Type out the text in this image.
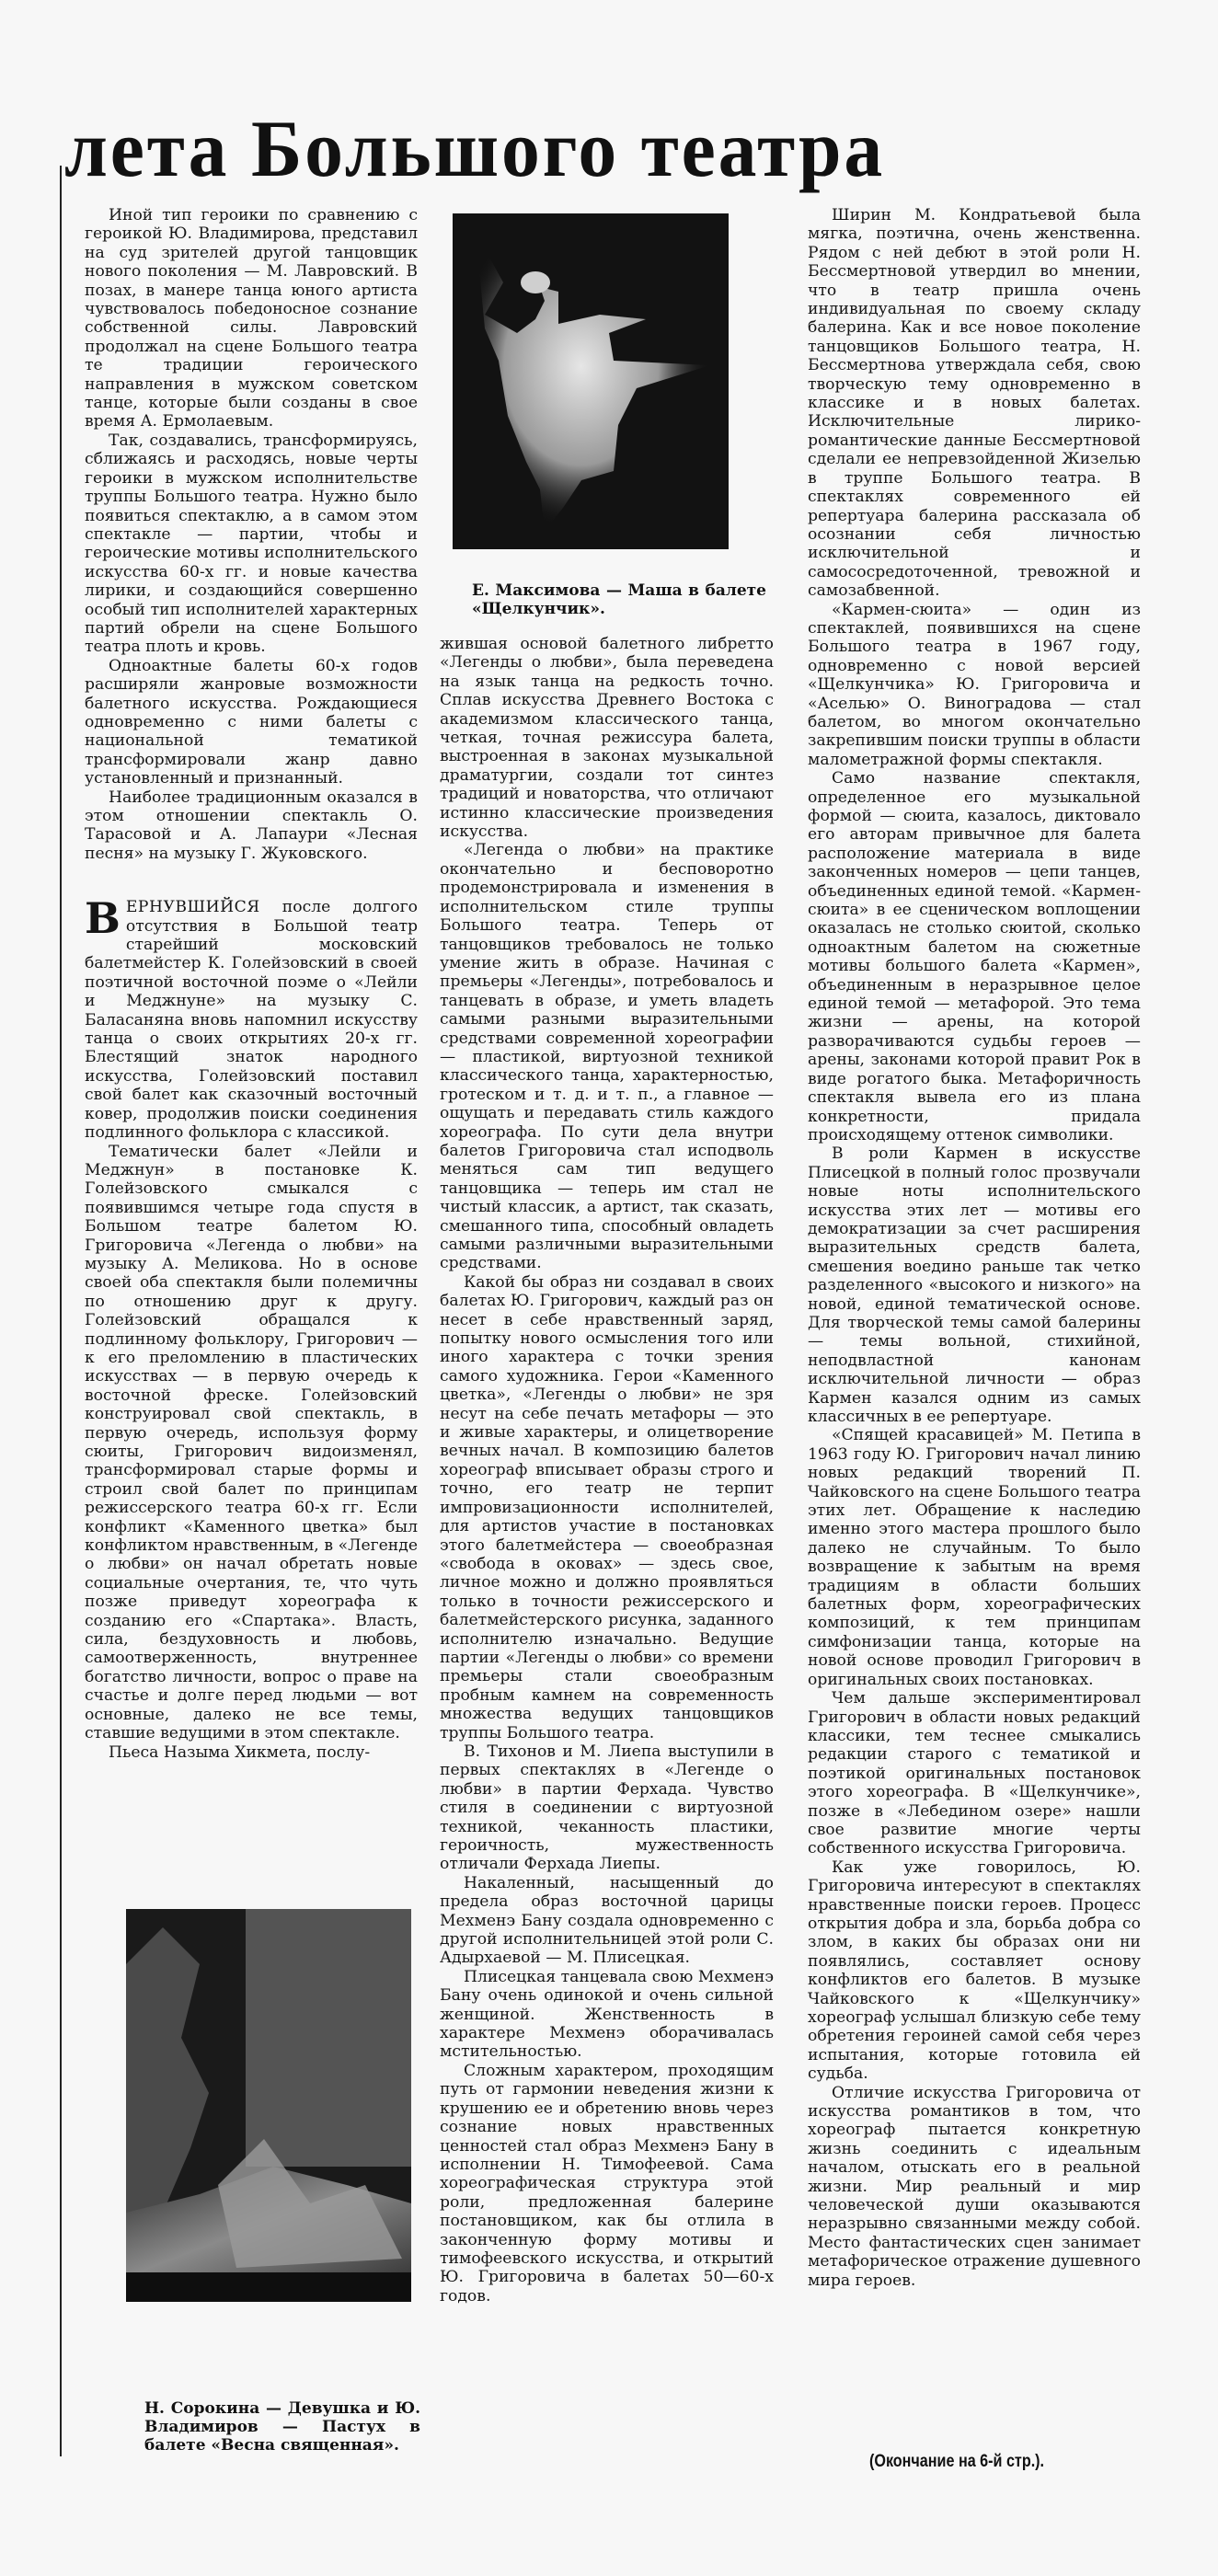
лета Большого театра

Иной тип героики по сравнению с героикой Ю. Владимирова, представил на суд зрителей другой танцовщик нового поколения — М. Лавровский. В позах, в манере танца юного артиста чувствовалось победоносное сознание собственной силы. Лавровский продолжал на сцене Большого театра те традиции героического направления в мужском советском танце, которые были созданы в свое время А. Ермолаевым.

Так, создавались, трансформируясь, сближаясь и расходясь, новые черты героики в мужском исполнительстве труппы Большого театра. Нужно было появиться спектаклю, а в самом этом спектакле — партии, чтобы и героические мотивы исполнительского искусства 60-х гг. и новые качества лирики, и создающийся совершенно особый тип исполнителей характерных партий обрели на сцене Большого театра плоть и кровь.

Одноактные балеты 60-х годов расширяли жанровые возможности балетного искусства. Рождающиеся одновременно с ними балеты с национальной тематикой трансформировали жанр давно установленный и признанный.

Наиболее традиционным оказался в этом отношении спектакль О. Тарасовой и А. Лапаури «Лесная песня» на музыку Г. Жуковского.

ВЕРНУВШИЙСЯ после долгого отсутствия в Большой театр старейший московский балетмейстер К. Голейзовский в своей поэтичной восточной поэме о «Лейли и Меджнуне» на музыку С. Баласаняна вновь напомнил искусству танца о своих открытиях 20-х гг. Блестящий знаток народного искусства, Голейзовский поставил свой балет как сказочный восточный ковер, продолжив поиски соединения подлинного фольклора с классикой.

Тематически балет «Лейли и Меджнун» в постановке К. Голейзовского смыкался с появившимся четыре года спустя в Большом театре балетом Ю. Григоровича «Легенда о любви» на музыку А. Меликова. Но в основе своей оба спектакля были полемичны по отношению друг к другу. Голейзовский обращался к подлинному фольклору, Григорович — к его преломлению в пластических искусствах — в первую очередь к восточной фреске. Голейзовский конструировал свой спектакль, в первую очередь, используя форму сюиты, Григорович видоизменял, трансформировал старые формы и строил свой балет по принципам режиссерского театра 60-х гг. Если конфликт «Каменного цветка» был конфликтом нравственным, в «Легенде о любви» он начал обретать новые социальные очертания, те, что чуть позже приведут хореографа к созданию его «Спартака». Власть, сила, бездуховность и любовь, самоотверженность, внутреннее богатство личности, вопрос о праве на счастье и долге перед людьми — вот основные, далеко не все темы, ставшие ведущими в этом спектакле.

Пьеса Назыма Хикмета, послу-

Е. Максимова — Маша в балете «Щелкунчик».

жившая основой балетного либретто «Легенды о любви», была переведена на язык танца на редкость точно. Сплав искусства Древнего Востока с академизмом классического танца, четкая, точная режиссура балета, выстроенная в законах музыкальной драматургии, создали тот синтез традиций и новаторства, что отличают истинно классические произведения искусства.

«Легенда о любви» на практике окончательно и бесповоротно продемонстрировала и изменения в исполнительском стиле труппы Большого театра. Теперь от танцовщиков требовалось не только умение жить в образе. Начиная с премьеры «Легенды», потребовалось и танцевать в образе, и уметь владеть самыми разными выразительными средствами современной хореографии — пластикой, виртуозной техникой классического танца, характерностью, гротеском и т. д. и т. п., а главное — ощущать и передавать стиль каждого хореографа. По сути дела внутри балетов Григоровича стал исподволь меняться сам тип ведущего танцовщика — теперь им стал не чистый классик, а артист, так сказать, смешанного типа, способный овладеть самыми различными выразительными средствами.

Какой бы образ ни создавал в своих балетах Ю. Григорович, каждый раз он несет в себе нравственный заряд, попытку нового осмысления того или иного характера с точки зрения самого художника. Герои «Каменного цветка», «Легенды о любви» не зря несут на себе печать метафоры — это и живые характеры, и олицетворение вечных начал. В композицию балетов хореограф вписывает образы строго и точно, его театр не терпит импровизационности исполнителей, для артистов участие в постановках этого балетмейстера — своеобразная «свобода в оковах» — здесь свое, личное можно и должно проявляться только в точности режиссерского и балетмейстерского рисунка, заданного исполнителю изначально. Ведущие партии «Легенды о любви» со времени премьеры стали своеобразным пробным камнем на современность множества ведущих танцовщиков труппы Большого театра.

В. Тихонов и М. Лиепа выступили в первых спектаклях в «Легенде о любви» в партии Ферхада. Чувство стиля в соединении с виртуозной техникой, чеканность пластики, героичность, мужественность отличали Ферхада Лиепы.

Накаленный, насыщенный до предела образ восточной царицы Мехменэ Бану создала одновременно с другой исполнительницей этой роли С. Адырхаевой — М. Плисецкая.

Плисецкая танцевала свою Мехменэ Бану очень одинокой и очень сильной женщиной. Женственность в характере Мехменэ оборачивалась мстительностью.

Сложным характером, проходящим путь от гармонии неведения жизни к крушению ее и обретению вновь через сознание новых нравственных ценностей стал образ Мехменэ Бану в исполнении Н. Тимофеевой. Сама хореографическая структура этой роли, предложенная балерине постановщиком, как бы отлила в законченную форму мотивы и тимофеевского искусства, и открытий Ю. Григоровича в балетах 50—60-х годов.

Н. Сорокина — Девушка и Ю. Владимиров — Пастух в балете «Весна священная».

Ширин М. Кондратьевой была мягка, поэтична, очень женственна. Рядом с ней дебют в этой роли Н. Бессмертновой утвердил во мнении, что в театр пришла очень индивидуальная по своему складу балерина. Как и все новое поколение танцовщиков Большого театра, Н. Бессмертнова утверждала себя, свою творческую тему одновременно в классике и в новых балетах. Исключительные лирико-романтические данные Бессмертновой сделали ее непревзойденной Жизелью в труппе Большого театра. В спектаклях современного ей репертуара балерина рассказала об осознании себя личностью исключительной и самососредоточенной, тревожной и самозабвенной.

«Кармен-сюита» — один из спектаклей, появившихся на сцене Большого театра в 1967 году, одновременно с новой версией «Щелкунчика» Ю. Григоровича и «Аселью» О. Виноградова — стал балетом, во многом окончательно закрепившим поиски труппы в области малометражной формы спектакля.

Само название спектакля, определенное его музыкальной формой — сюита, казалось, диктовало его авторам привычное для балета расположение материала в виде законченных номеров — цепи танцев, объединенных единой темой. «Кармен-сюита» в ее сценическом воплощении оказалась не столько сюитой, сколько одноактным балетом на сюжетные мотивы большого балета «Кармен», объединенным в неразрывное целое единой темой — метафорой. Это тема жизни — арены, на которой разворачиваются судьбы героев — арены, законами которой правит Рок в виде рогатого быка. Метафоричность спектакля вывела его из плана конкретности, придала происходящему оттенок символики.

В роли Кармен в искусстве Плисецкой в полный голос прозвучали новые ноты исполнительского искусства этих лет — мотивы его демократизации за счет расширения выразительных средств балета, смешения воедино раньше так четко разделенного «высокого и низкого» на новой, единой тематической основе. Для творческой темы самой балерины — темы вольной, стихийной, неподвластной канонам исключительной личности — образ Кармен казался одним из самых классичных в ее репертуаре.

«Спящей красавицей» М. Петипа в 1963 году Ю. Григорович начал линию новых редакций творений П. Чайковского на сцене Большого театра этих лет. Обращение к наследию именно этого мастера прошлого было далеко не случайным. То было возвращение к забытым на время традициям в области больших балетных форм, хореографических композиций, к тем принципам симфонизации танца, которые на новой основе проводил Григорович в оригинальных своих постановках.

Чем дальше экспериментировал Григорович в области новых редакций классики, тем теснее смыкались редакции старого с тематикой и поэтикой оригинальных постановок этого хореографа. В «Щелкунчике», позже в «Лебедином озере» нашли свое развитие многие черты собственного искусства Григоровича.

Как уже говорилось, Ю. Григоровича интересуют в спектаклях нравственные поиски героев. Процесс открытия добра и зла, борьба добра со злом, в каких бы образах они ни появлялись, составляет основу конфликтов его балетов. В музыке Чайковского к «Щелкунчику» хореограф услышал близкую себе тему обретения героиней самой себя через испытания, которые готовила ей судьба.

Отличие искусства Григоровича от искусства романтиков в том, что хореограф пытается конкретную жизнь соединить с идеальным началом, отыскать его в реальной жизни. Мир реальный и мир человеческой души оказываются неразрывно связанными между собой. Место фантастических сцен занимает метафорическое отражение душевного мира героев.

(Окончание на 6-й стр.).
